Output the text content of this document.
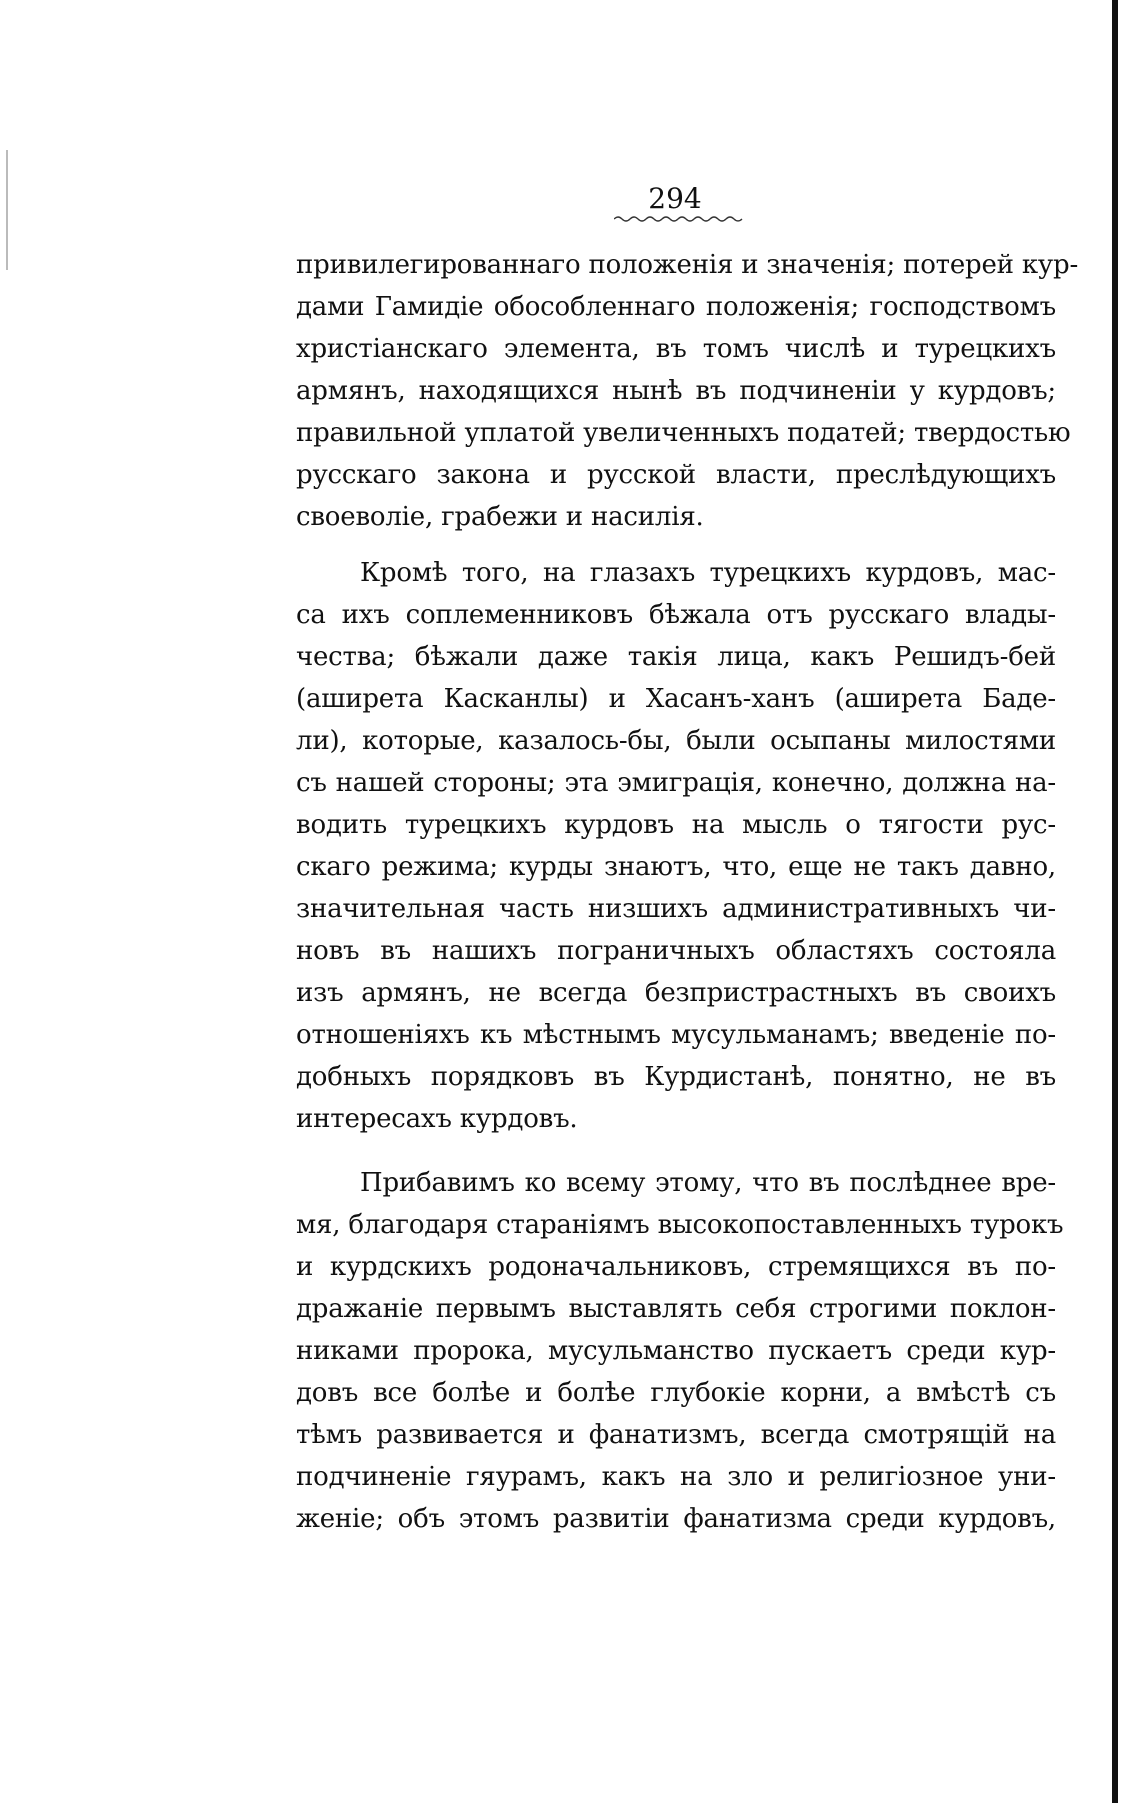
294
привилегированнаго положенія и значенія; потерей кур-
дами Гамидіе обособленнаго положенія; господствомъ
христіанскаго элемента, въ томъ числѣ и турецкихъ
армянъ, находящихся нынѣ въ подчиненіи у курдовъ;
правильной уплатой увеличенныхъ податей; твердостью
русскаго закона и русской власти, преслѣдующихъ
своеволіе, грабежи и насилія.
Кромѣ того, на глазахъ турецкихъ курдовъ, мас-
са ихъ соплеменниковъ бѣжала отъ русскаго влады-
чества; бѣжали даже такія лица, какъ Решидъ-бей
(аширета Касканлы) и Хасанъ-ханъ (аширета Баде-
ли), которые, казалось-бы, были осыпаны милостями
съ нашей стороны; эта эмиграція, конечно, должна на-
водить турецкихъ курдовъ на мысль о тягости рус-
скаго режима; курды знаютъ, что, еще не такъ давно,
значительная часть низшихъ административныхъ чи-
новъ въ нашихъ пограничныхъ областяхъ состояла
изъ армянъ, не всегда безпристрастныхъ въ своихъ
отношеніяхъ къ мѣстнымъ мусульманамъ; введеніе по-
добныхъ порядковъ въ Курдистанѣ, понятно, не въ
интересахъ курдовъ.
Прибавимъ ко всему этому, что въ послѣднее вре-
мя, благодаря стараніямъ высокопоставленныхъ турокъ
и курдскихъ родоначальниковъ, стремящихся въ по-
дражаніе первымъ выставлять себя строгими поклон-
никами пророка, мусульманство пускаетъ среди кур-
довъ все болѣе и болѣе глубокіе корни, а вмѣстѣ съ
тѣмъ развивается и фанатизмъ, всегда смотрящій на
подчиненіе гяурамъ, какъ на зло и религіозное уни-
женіе; объ этомъ развитіи фанатизма среди курдовъ,
